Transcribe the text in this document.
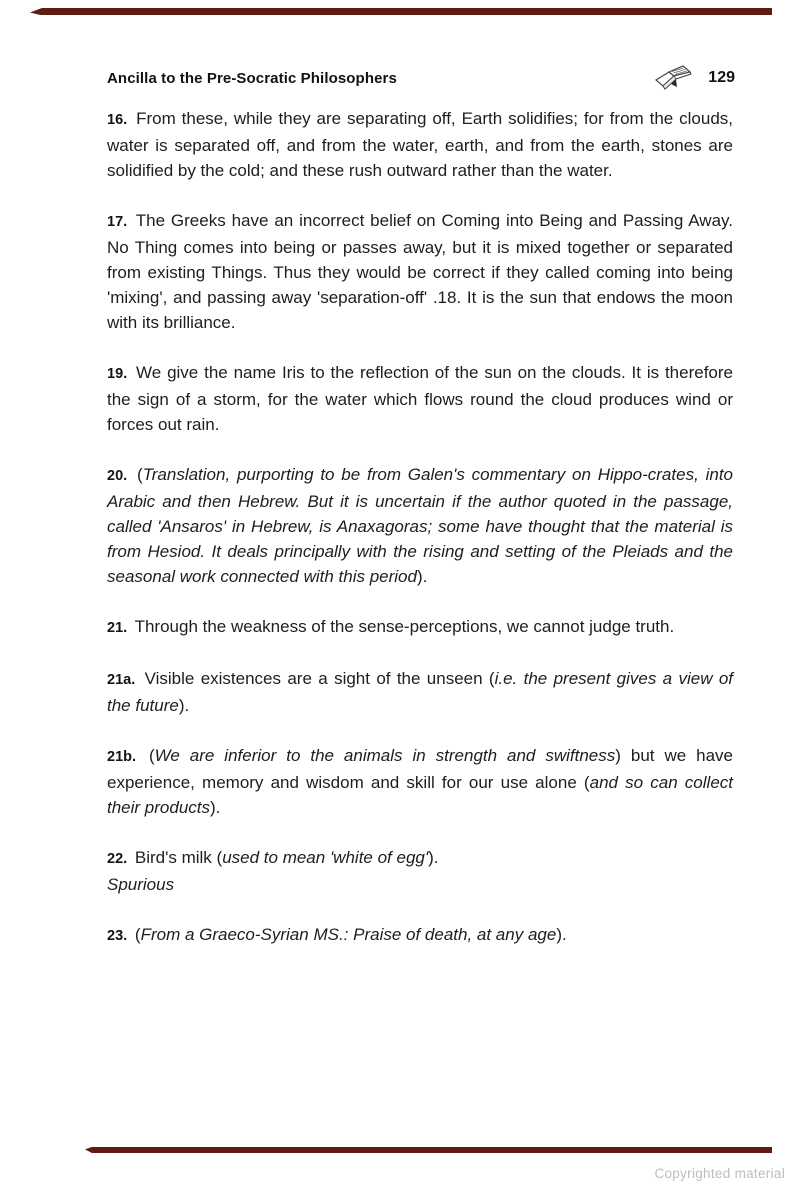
Ancilla to the Pre-Socratic Philosophers	129

16. From these, while they are separating off, Earth solidifies; for from the clouds, water is separated off, and from the water, earth, and from the earth, stones are solidified by the cold; and these rush outward rather than the water.

17. The Greeks have an incorrect belief on Coming into Being and Passing Away. No Thing comes into being or passes away, but it is mixed together or separated from existing Things. Thus they would be correct if they called coming into being 'mixing', and passing away 'separation-off' .18. It is the sun that endows the moon with its brilliance.

19. We give the name Iris to the reflection of the sun on the clouds. It is therefore the sign of a storm, for the water which flows round the cloud produces wind or forces out rain.

20. (Translation, purporting to be from Galen's commentary on Hippo-crates, into Arabic and then Hebrew. But it is uncertain if the author quoted in the passage, called 'Ansaros' in Hebrew, is Anaxagoras; some have thought that the material is from Hesiod. It deals principally with the rising and setting of the Pleiads and the seasonal work connected with this period).

21. Through the weakness of the sense-perceptions, we cannot judge truth.

21a. Visible existences are a sight of the unseen (i.e. the present gives a view of the future).

21b. (We are inferior to the animals in strength and swiftness) but we have experience, memory and wisdom and skill for our use alone (and so can collect their products).

22. Bird's milk (used to mean 'white of egg').

Spurious

23. (From a Graeco-Syrian MS.: Praise of death, at any age).

Copyrighted material
